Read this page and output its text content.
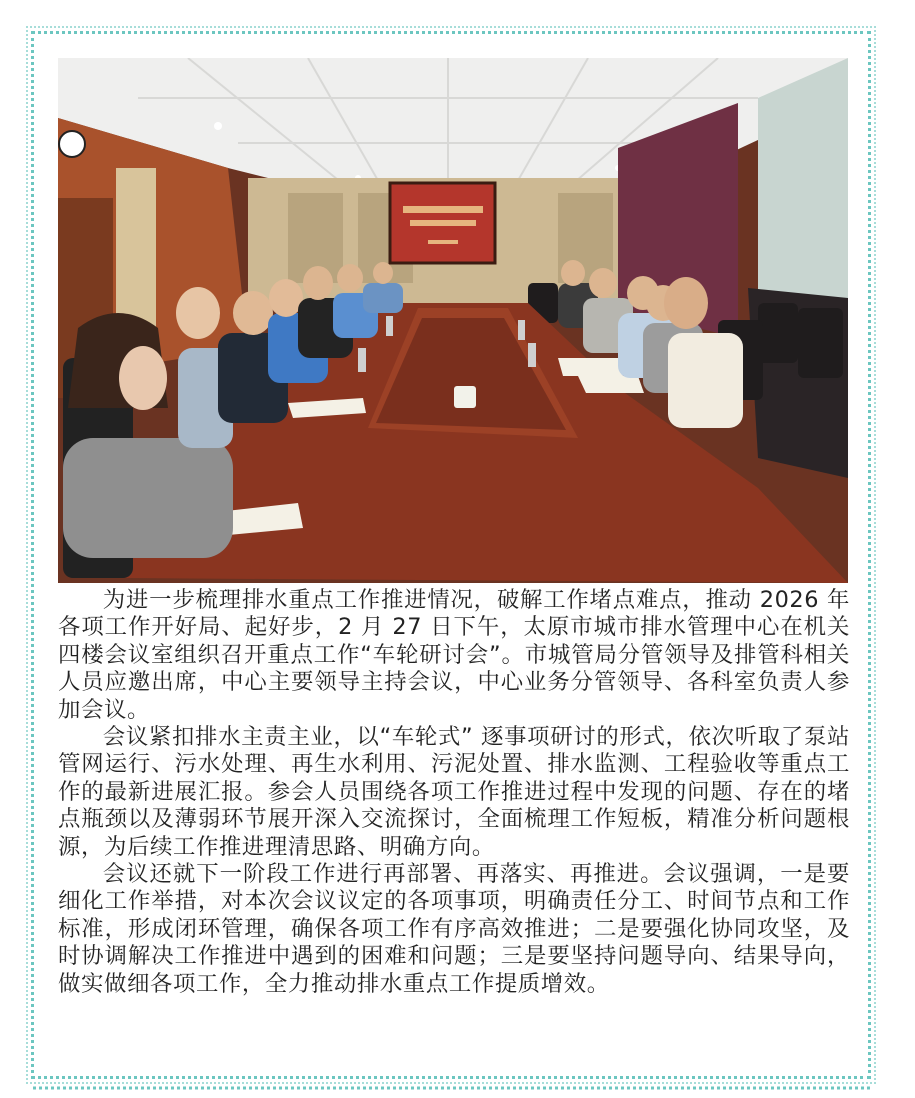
为进一步梳理排水重点工作推进情况，破解工作堵点难点，推动 2026 年各项工作开好局、起好步，2 月 27 日下午，太原市城市排水管理中心在机关四楼会议室组织召开重点工作“车轮研讨会”。市城管局分管领导及排管科相关人员应邀出席，中心主要领导主持会议，中心业务分管领导、各科室负责人参加会议。

会议紧扣排水主责主业，以“车轮式” 逐事项研讨的形式，依次听取了泵站管网运行、污水处理、再生水利用、污泥处置、排水监测、工程验收等重点工作的最新进展汇报。参会人员围绕各项工作推进过程中发现的问题、存在的堵点瓶颈以及薄弱环节展开深入交流探讨，全面梳理工作短板，精准分析问题根源，为后续工作推进理清思路、明确方向。

会议还就下一阶段工作进行再部署、再落实、再推进。会议强调，一是要细化工作举措，对本次会议议定的各项事项，明确责任分工、时间节点和工作标准，形成闭环管理，确保各项工作有序高效推进；二是要强化协同攻坚，及时协调解决工作推进中遇到的困难和问题；三是要坚持问题导向、结果导向，做实做细各项工作，全力推动排水重点工作提质增效。
